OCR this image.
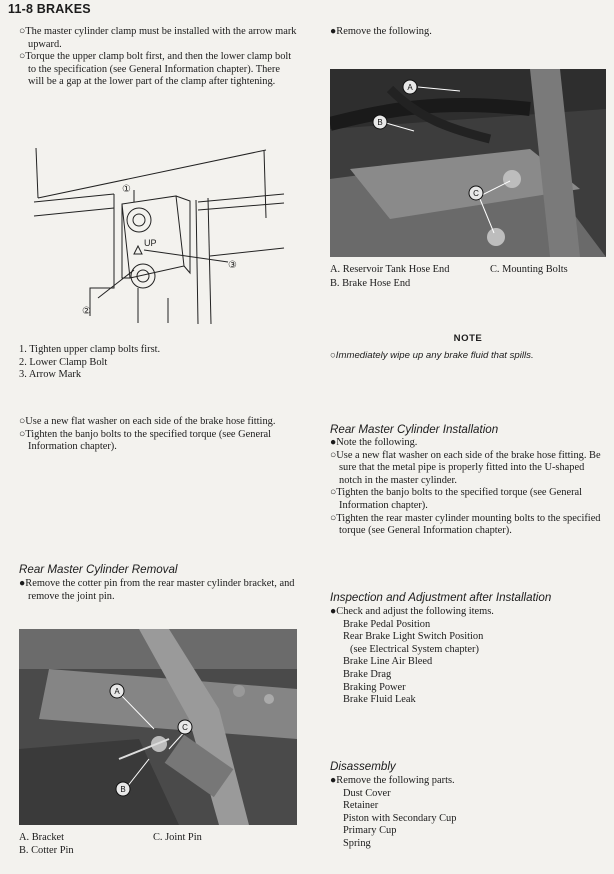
11-8 BRAKES

○The master cylinder clamp must be installed with the arrow mark upward.

○Torque the upper clamp bolt first, and then the lower clamp bolt to the specification (see General Information chapter). There will be a gap at the lower part of the clamp after tightening.

UP
①
②
③
1. Tighten upper clamp bolts first.
2. Lower Clamp Bolt
3. Arrow Mark

○Use a new flat washer on each side of the brake hose fitting.

○Tighten the banjo bolts to the specified torque (see General Information chapter).

Rear Master Cylinder Removal

●Remove the cotter pin from the rear master cylinder bracket, and remove the joint pin.

A
B
C
A. Bracket	C. Joint Pin
B. Cotter Pin
●Remove the following.
A
B
C
A. Reservoir Tank Hose End	C. Mounting Bolts
B. Brake Hose End
NOTE
○Immediately wipe up any brake fluid that spills.
Rear Master Cylinder Installation

●Note the following.

○Use a new flat washer on each side of the brake hose fitting. Be sure that the metal pipe is properly fitted into the U-shaped notch in the master cylinder.

○Tighten the banjo bolts to the specified torque (see General Information chapter).

○Tighten the rear master cylinder mounting bolts to the specified torque (see General Information chapter).

Inspection and Adjustment after Installation
●Check and adjust the following items.
Brake Pedal Position
Rear Brake Light Switch Position
(see Electrical System chapter)
Brake Line Air Bleed
Brake Drag
Braking Power
Brake Fluid Leak
Disassembly
●Remove the following parts.
Dust Cover
Retainer
Piston with Secondary Cup
Primary Cup
Spring
